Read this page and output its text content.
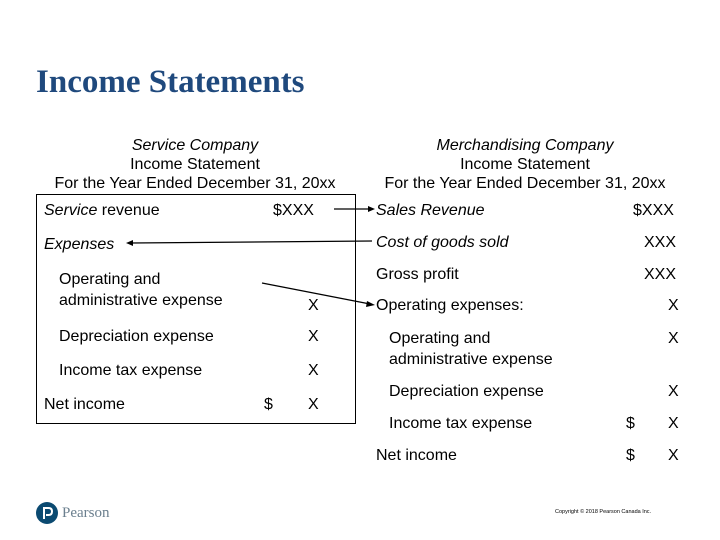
Income Statements
Service Company
Income Statement
For the Year Ended December 31, 20xx
Merchandising Company
Income Statement
For the Year Ended December 31, 20xx
Service revenue	$XXX
Expenses
Operating and
administrative expense	X
Depreciation expense	X
Income tax expense	X
Net income	$ X
Sales Revenue	$XXX
Cost of goods sold	XXX
Gross profit	XXX
Operating expenses:	X
Operating and
administrative expense
X
Depreciation expense	X
Income tax expense	$ X
Net income	$ X
Pearson	Copyright © 2018 Pearson Canada Inc.
